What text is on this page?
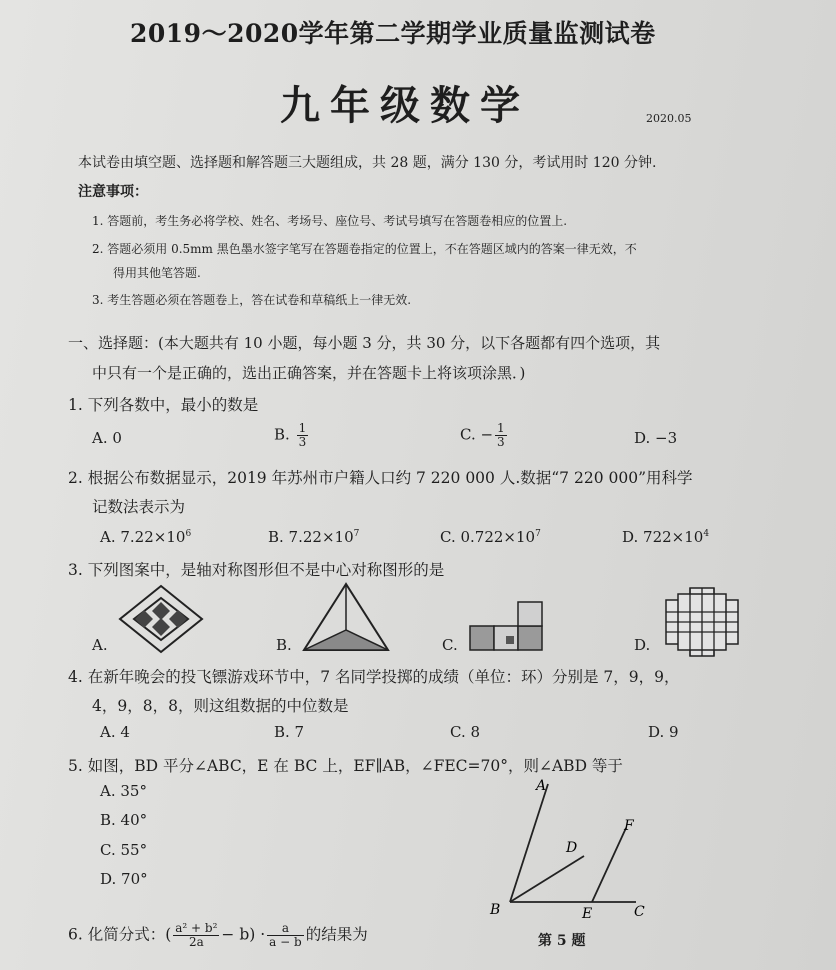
2019～2020学年第二学期学业质量监测试卷
九年级数学	2020.05
本试卷由填空题、选择题和解答题三大题组成，共 28 题，满分 130 分，考试用时 120 分钟.
注意事项：
1. 答题前，考生务必将学校、姓名、考场号、座位号、考试号填写在答题卷相应的位置上.
2. 答题必须用 0.5mm 黑色墨水签字笔写在答题卷指定的位置上，不在答题区域内的答案一律无效，不
得用其他笔答题.
3. 考生答题必须在答题卷上，答在试卷和草稿纸上一律无效.
一、选择题：(本大题共有 10 小题，每小题 3 分，共 30 分，以下各题都有四个选项，其
中只有一个是正确的，选出正确答案，并在答题卡上将该项涂黑．)
1. 下列各数中，最小的数是
A. 0	B. $\frac{1}{3}$	C. − $\frac{1}{3}$	D. −3
2. 根据公布数据显示，2019 年苏州市户籍人口约 7 220 000 人.数据“7 220 000”用科学
记数法表示为
A. $7.22\times 10^6$	B. $7.22\times 10^7$	C. $0.722\times 10^7$	D. $722\times 10^4$
3. 下列图案中，是轴对称图形但不是中心对称图形的是
A.	B.	C.	D.
4. 在新年晚会的投飞镖游戏环节中，7 名同学投掷的成绩（单位：环）分别是 7，9，9，
4，9，8，8，则这组数据的中位数是
A. 4	B. 7	C. 8	D. 9
5. 如图，BD 平分∠ABC，E 在 BC 上，EF∥AB，∠FEC=70°，则∠ABD 等于
A. 35°
B. 40°
C. 55°
D. 70°
A
B	C
D
E
F
第 5 题
6. 化简分式：( $\frac{\text{a² + b²}}{2a} - b) \cdot \frac{a}{a - b}$ 的结果为
